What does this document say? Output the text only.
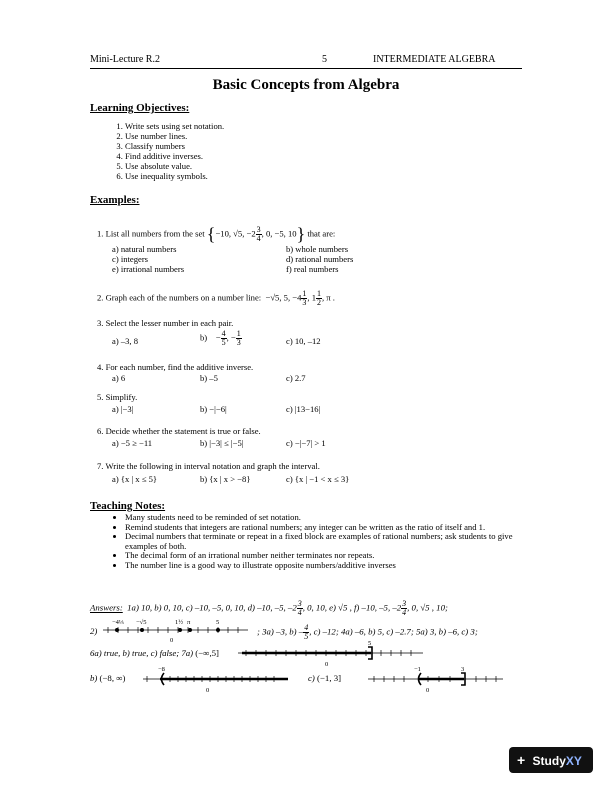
Mini-Lecture R.2	5	INTERMEDIATE ALGEBRA
Basic Concepts from Algebra
Learning Objectives:
1. Write sets using set notation.
2. Use number lines.
3. Classify numbers
4. Find additive inverses.
5. Use absolute value.
6. Use inequality symbols.
Examples:
1. List all numbers from the set {−10, √5, $-2 \frac{3}{4}$ , 0, −5, 10} that are:
a) natural numbers	b) whole numbers
c) integers	d) rational numbers
e) irrational numbers	f) real numbers
2. Graph each of the numbers on a number line: −√5, 5, $-4 \frac{1}{3}$ , $1 \frac{1}{2}$ , π .
3. Select the lesser number in each pair.
a) –3, 8	b)    − $\frac{4}{5}$ , − $\frac{1}{3}$	c) 10, –12
4. For each number, find the additive inverse.
a) 6	b) –5	c) 2.7
5. Simplify.
a) |−3|	b) −|−6|	c) |13−16|
6. Decide whether the statement is true or false.
a) −5 ≥ −11	b) |−3| ≤ |−5|	c) −|−7| > 1
7. Write the following in interval notation and graph the interval.
a) {x | x ≤ 5}	b) {x | x > −8}	c) {x | −1 < x ≤ 3}
Teaching Notes:
• Many students need to be reminded of set notation.
• Remind students that integers are rational numbers; any integer can be written as the ratio of itself and 1.
• Decimal numbers that terminate or repeat in a fixed block are examples of rational numbers; ask students to give examples of both.
• The decimal form of an irrational number neither terminates nor repeats.
• The number line is a good way to illustrate opposite numbers/additive inverses
Answers: 1a) 10, b) 0, 10, c) –10, –5, 0, 10, d) –10, –5, $-2 \frac{3}{4}$ , 0, 10, e) √5 , f) –10, –5, $-2 \frac{3}{4}$ , 0, √5 , 10;
2)
−4⅓ −√5	1½ π	5
0
; 3a) –3, $b) - \frac{4}{5}$ , c) –12; 4a) –6, b) 5, c) –2.7; 5a) 3, b) –6, c) 3;
6a) true, b) true, c) false; 7a) (−∞,5]
5
0
b) (−8, ∞)
−8
0
c) (−1, 3]
−1	3
0
+ StudyXY
